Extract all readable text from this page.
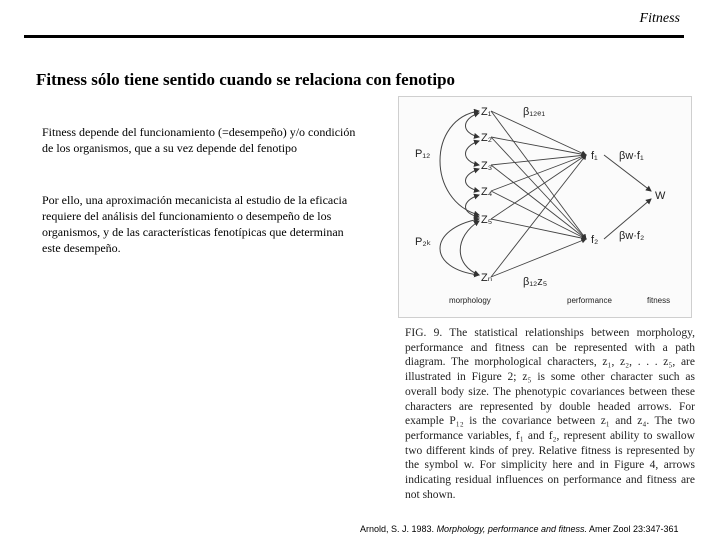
Fitness
Fitness sólo tiene sentido cuando se relaciona con fenotipo
Fitness depende del funcionamiento (=desempeño) y/o condición de los organismos, que a su vez depende del fenotipo
Por ello, una aproximación mecanicista al estudio de la eficacia requiere del análisis del funcionamiento o desempeño de los organismos, y de las características fenotípicas que determinan este desempeño.
Z₁
Z₂
Z₃
Z₄
Z₅
Zₙ
P₁₂
P₂ₖ
f₁
f₂
W
β₁₂ₑ₁
βw·f₁
βw·f₂
β₁₂z₅
morphology	performance	fitness
FIG. 9. The statistical relationships between morphology, performance and fitness can be represented with a path diagram. The morphological characters, z₁, z₂, . . . z₅, are illustrated in Figure 2; z₅ is some other character such as overall body size. The phenotypic covariances between these characters are represented by double headed arrows. For example P₁₂ is the covariance between z₁ and z₄. The two performance variables, f₁ and f₂, represent ability to swallow two different kinds of prey. Relative fitness is represented by the symbol w. For simplicity here and in Figure 4, arrows indicating residual influences on performance and fitness are not shown.
Arnold, S. J. 1983. Morphology, performance and fitness. Amer Zool 23:347-361
